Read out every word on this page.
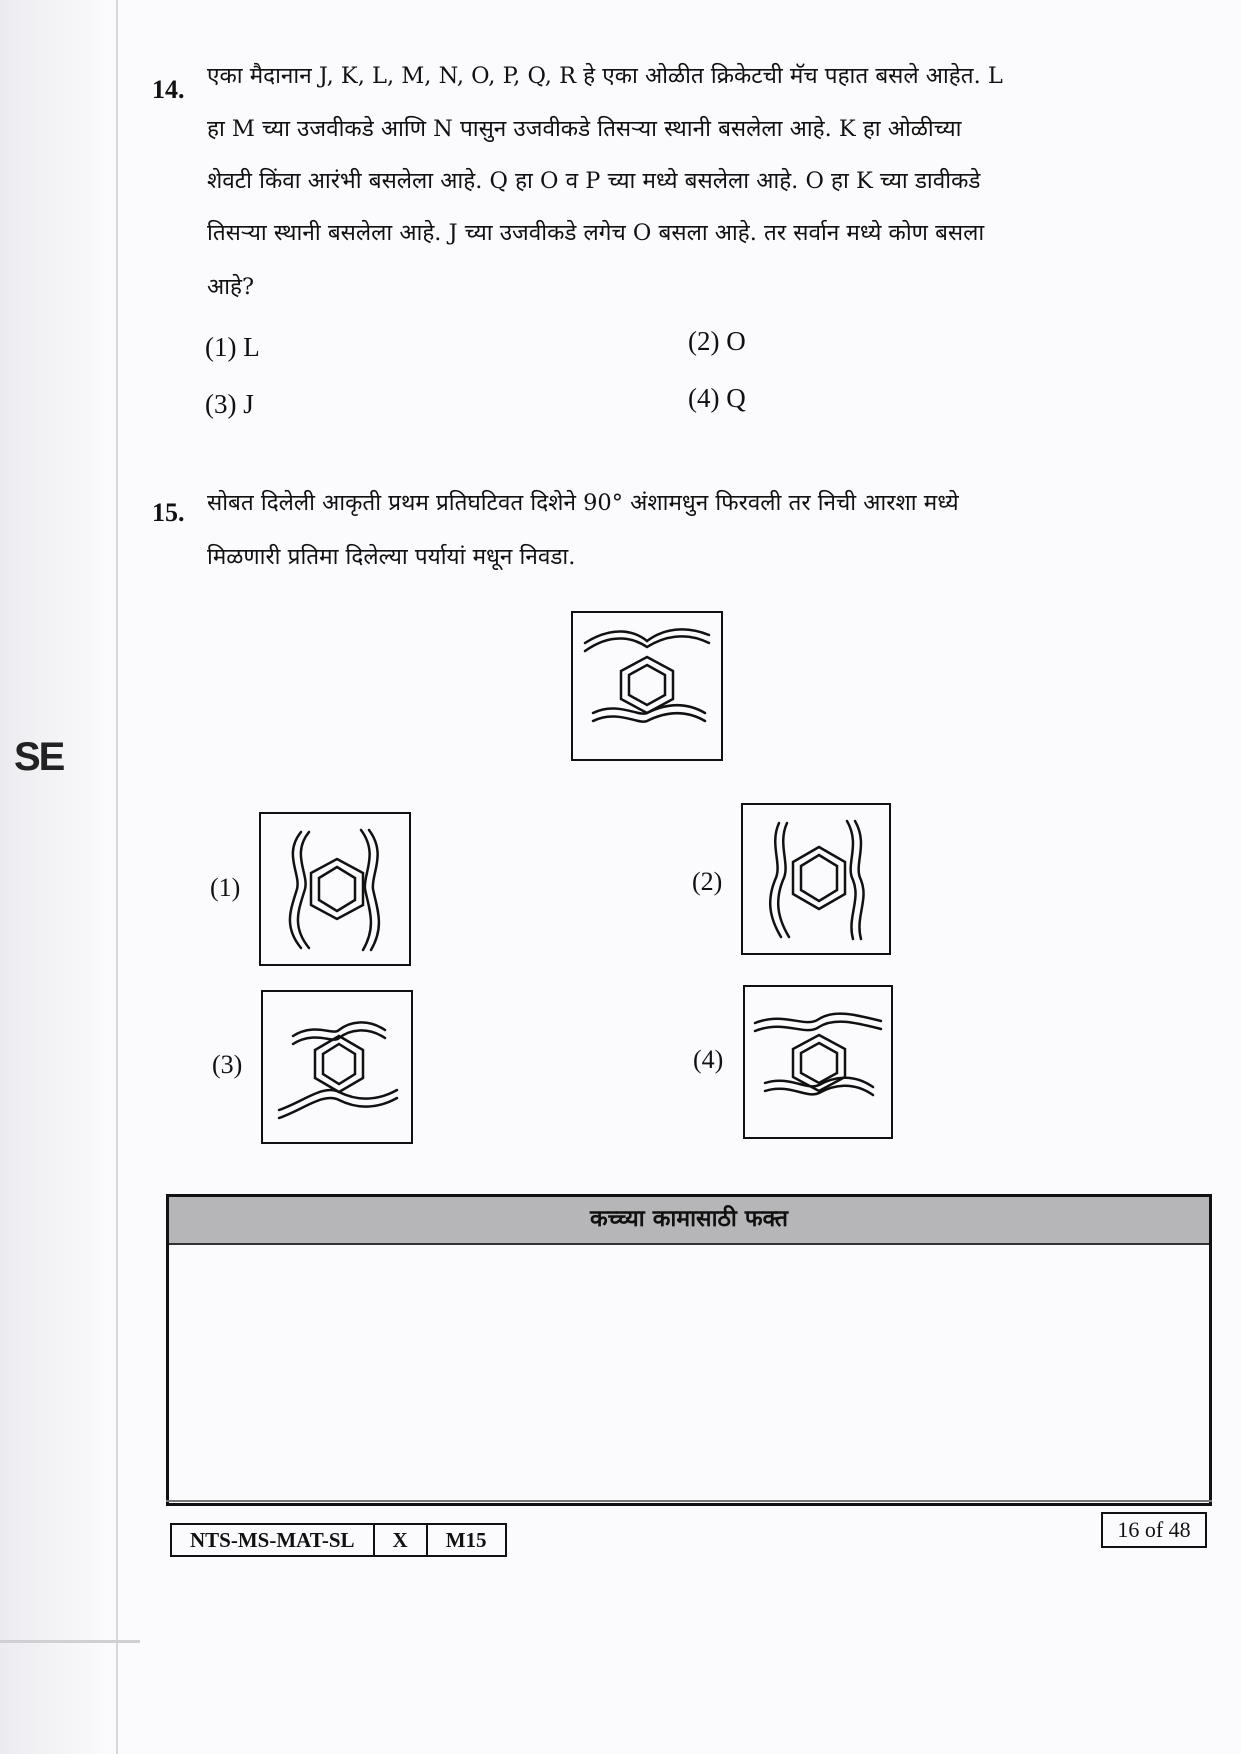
SE
14. एका मैदानान J, K, L, M, N, O, P, Q, R हे एका ओळीत क्रिकेटची मॅच पहात बसले आहेत. L
हा M च्या उजवीकडे आणि N पासुन उजवीकडे तिसऱ्या स्थानी बसलेला आहे. K हा ओळीच्या
शेवटी किंवा आरंभी बसलेला आहे. Q हा O व P च्या मध्ये बसलेला आहे. O हा K च्या डावीकडे
तिसऱ्या स्थानी बसलेला आहे. J च्या उजवीकडे लगेच O बसला आहे. तर सर्वान मध्ये कोण बसला
आहे?
(1) L	(2) O
(3) J	(4) Q
15. सोबत दिलेली आकृती प्रथम प्रतिघटिवत दिशेने 90° अंशामधुन फिरवली तर निची आरशा मध्ये
मिळणारी प्रतिमा दिलेल्या पर्यायां मधून निवडा.
(1)	(2)
(3)	(4)
कच्च्या कामासाठी फक्त
NTS-MS-MAT-SL	X	M15	16 of 48
